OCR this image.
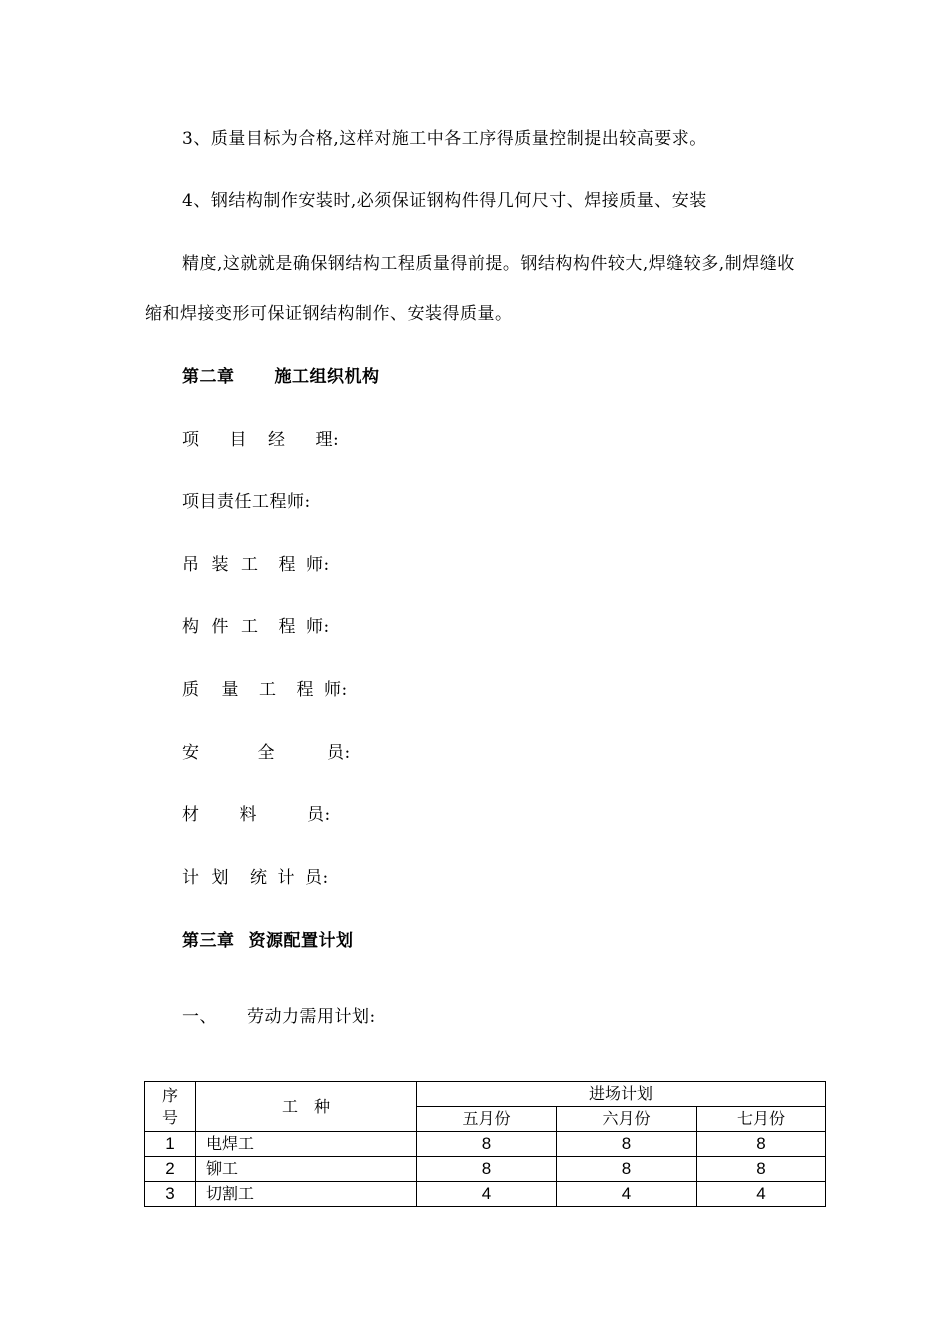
3、质量目标为合格,这样对施工中各工序得质量控制提出较高要求。
4、钢结构制作安装时,必须保证钢构件得几何尺寸、焊接质量、安装
精度,这就就是确保钢结构工程质量得前提。钢结构构件较大,焊缝较多,制焊缝收
缩和焊接变形可保证钢结构制作、安装得质量。
第二章 施工组织机构
项 目 经 理:
项目责任工程师:
吊 装 工 程 师:
构 件 工 程 师:
质 量 工 程 师:
安	全	员:
材 料	员:
计 划 统 计 员:
第三章 资源配置计划
一、 劳动力需用计划:
序
号	工　种	进场计划		
		五月份	六月份	七月份
1	电焊工	8	8	8
2	铆工	8	8	8
3	切割工	4	4	4
